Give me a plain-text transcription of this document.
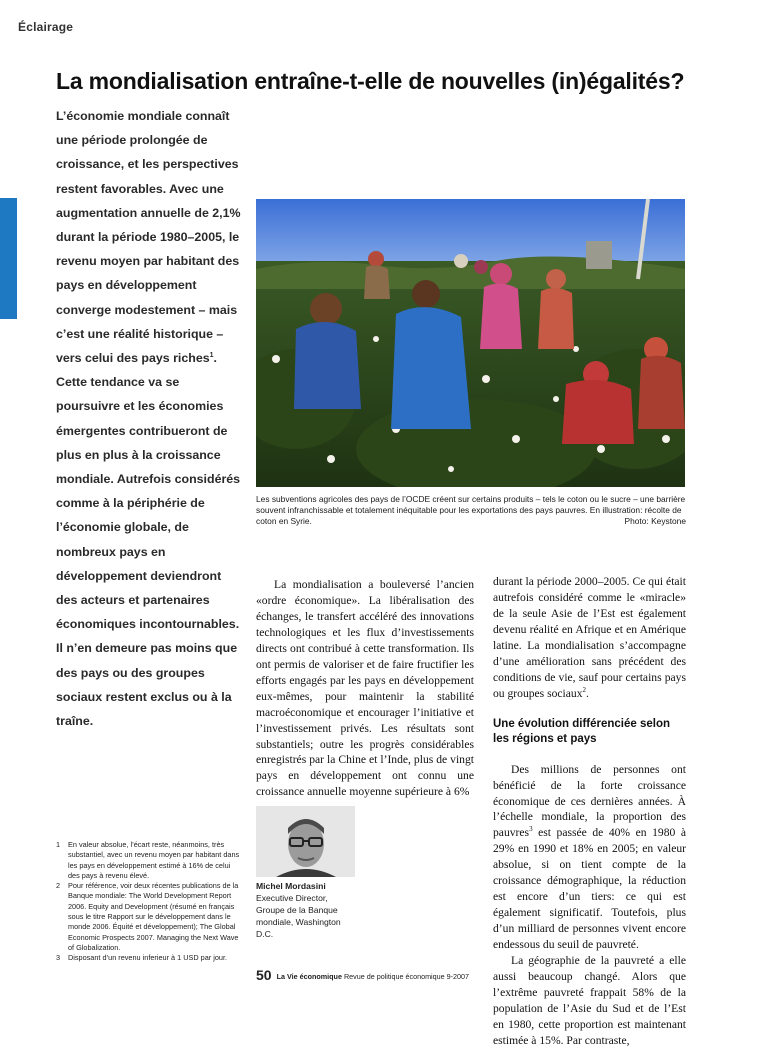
Éclairage
La mondialisation entraîne-t-elle de nouvelles (in)égalités?
L’économie mondiale connaît une période prolongée de croissance, et les perspectives restent favorables. Avec une augmentation annuelle de 2,1% durant la période 1980–2005, le revenu moyen par habitant des pays en développement converge modestement – mais c’est une réalité historique – vers celui des pays riches$^1$. Cette tendance va se poursuivre et les économies émergentes contribueront de plus en plus à la croissance mondiale. Autrefois considérés comme à la périphérie de l’économie globale, de nombreux pays en développement deviendront des acteurs et partenaires économiques incontournables. Il n’en demeure pas moins que des pays ou des groupes sociaux restent exclus ou à la traîne.
Les subventions agricoles des pays de l’OCDE créent sur certains produits – tels le coton ou le sucre – une barrière souvent infranchissable et totalement inéquitable pour les exportations des pays pauvres. En illustration: récolte de coton en Syrie.	Photo: Keystone

La mondialisation a bouleversé l’ancien «ordre économique». La libéralisation des échanges, le transfert accéléré des innovations technologiques et les flux d’investissements directs ont contribué à cette transformation. Ils ont permis de valoriser et de faire fructifier les efforts engagés par les pays en développement eux-mêmes, pour maintenir la stabilité macroéconomique et encourager l’initiative et l’investissement privés. Les résultats sont substantiels; outre les progrès considérables enregistrés par la Chine et l’Inde, plus de vingt pays en développement ont connu une croissance annuelle moyenne supérieure à 6%

durant la période 2000–2005. Ce qui était autrefois considéré comme le «miracle» de la seule Asie de l’Est est également devenu réalité en Afrique et en Amérique latine. La mondialisation s’accompagne d’une amélioration sans précédent des conditions de vie, sauf pour certains pays ou groupes sociaux$^2$.

Une évolution différenciée selon les régions et pays

Des millions de personnes ont bénéficié de la forte croissance économique de ces dernières années. À l’échelle mondiale, la proportion des pauvres$^3$ est passée de 40% en 1980 à 29% en 1990 et 18% en 2005; en valeur absolue, si on tient compte de la croissance démographique, la réduction est encore d’un tiers: ce qui est également significatif. Toutefois, plus d’un milliard de personnes vivent encore endessous du seuil de pauvreté.

La géographie de la pauvreté a elle aussi beaucoup changé. Alors que l’extrême pauvreté frappait 58% de la population de l’Asie du Sud et de l’Est en 1980, cette proportion est maintenant estimée à 15%. Par contraste,

1	En valeur absolue, l’écart reste, néanmoins, très substantiel, avec un revenu moyen par habitant dans les pays en développement estimé à 16% de celui des pays à revenu élevé.
2	Pour référence, voir deux récentes publications de la Banque mondiale: The World Development Report 2006. Equity and Development (résumé en français sous le titre Rapport sur le développement dans le monde 2006. Équité et développement); The Global Economic Prospects 2007. Managing the Next Wave of Globalization.
3	Disposant d’un revenu inferieur à 1 USD par jour.
Michel Mordasini
Executive Director, Groupe de la Banque mondiale, Washington D.C.
50 La Vie économique Revue de politique économique 9-2007
